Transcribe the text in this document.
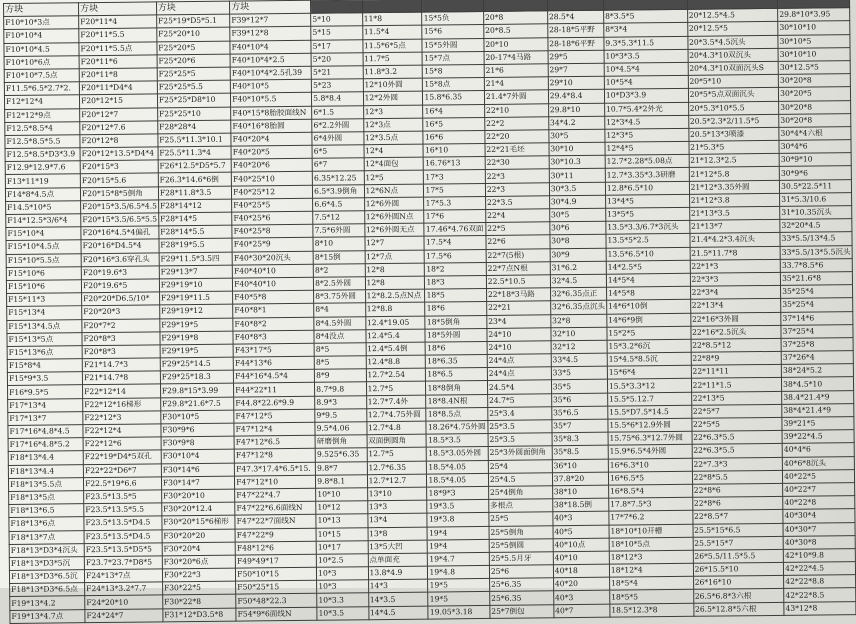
方块	方块	方块	方块								
F10*10*3点	F20*11*4	F25*19*D5*5.1	F39*12*7	5*10	11*8	15*5负	20*8	28.5*4	8*3.5*5	20*12.5*4.5	29.8*10*3.95
F10*10*4	F20*11*5.5	F25*20*10	F39*12*8	5*15	11.5*4	15*6	20*8.5	28-18*5平野	8*3*4	20*12.5*5	30*10*10
F10*10*4.5	F20*11*5.5点	F25*20*5	F40*10*4	5*17	11.5*6*5点	15*5外圆	20*10	28-18*6平野	9.3*5.3*11.5	20*3.5*4.5沉头	30*10*5
F10*10*6点	F20*11*6	F25*20*6	F40*10*4*2.5	5*20	11.7*5	15*7点	20-17*4马路	29*5	10*3*3.5	20*4.3*10双沉头	30*10*10
F10*10*7.5点	F20*11*8	F25*25*5	F40*10*4*2.5孔39	5*21	11.8*3.2	15*8	21*6	29*7	10*4.5*4	20*4.3*10双面沉头S	30*12.5*5
F11.5*6.5*2.7*2.	F20*11*D4*4	F25*25*5.5	F40*10*5	5*23	12*10外圆	15*8点	21*4	29*10	10*5*4	20*5*10	30*20*8
F12*12*4	F20*12*15	F25*25*D8*10	F40*10*5.5	5.8*8.4	12*2外圆	15.8*6.35	21.4*7外圆	29.4*8.4	10*D3*3.9	20*5*5点双面沉头	30*20*5
F12*12*9点	F20*12*7	F25*25*10	F40*15*8胎胶面线N	6*1.5	12*3	16*4	22*10	29.8*10	10.7*5.4*2外光	20*5.3*10*5.5	30*20*8
F12.5*8.5*4	F20*12*7.6	F28*28*4	F40*16*8胎圆	6*2.2外圆	12*3点	16*5	22*2	34*4.2	12*3*4.5	20.5*2.3*2/11.5*5	30*20*8
F12.5*8.5*5.5	F20*12*8	F25.5*11.3*10.1	F40*20*4	6*4外圆	12*3.5点	16*6	22*20	30*5	12*3*5	20.5*13*3喷漆	30*4*4六根
F12.5*8.5*D3*3.9	F20*12*13.5*D4*4	F25.5*11.3*4	F40*20*5	6*5	12*4	16*10	22*21毛坯	30*10	12*4*5	21*5.3*5	30*4*6
F12.9*12.9*7.6	F20*15*3	F26*12.5*D5*5.7	F40*20*6	6*7	12*4面包	16.76*13	22*30	30*10.3	12.7*2.28*5.08点	21*12.3*2.5	30*9*10
F13*11*19	F20*15*5.6	F26.3*14.6*6倒	F40*25*10	6.35*12.25	12*5	17*3	22*3	30*11	12.7*3.35*3.3研磨	21*12*5.8	30*9*6
F14*8*4.5点	F20*15*8*5倒角	F28*11.8*3.5	F40*25*12	6.5*3.9倒角	12*6N点	17*5	22*3	30*3.5	12.8*6.5*10	21*12*3.35外圆	30.5*22.5*11
F14.5*10*5	F20*15*3.5/6.5*4.5	F28*14*12	F40*25*5	6.6*4.5	12*6外圆	17*5.3	22*3.5	30*4.9	13*4*5	21*12*3.8	31*5.3/10.6
F14*12.5*3/6*4	F20*15*3.5/6.5*5.5	F28*14*5	F40*25*6	7.5*12	12*6外圆N点	17*6	22*4	30*5	13*5*5	21*13*3.5	31*10.35沉头
F15*10*4	F20*16*4.5*4偏孔	F28*14*5.5	F40*25*8	7.5*6外圆	12*6外圆无点	17.46*4.76双面	22*5	30*6	13.5*3.3/6.7*3沉头	21*13*7	32*20*4.5
F15*10*4.5点	F20*16*D4.5*4	F28*19*5.5	F40*25*9	8*10	12*7	17.5*4	22*6	30*8	13.5*5*2.5	21.4*4.2*3.4沉头	33*5.5/13*4.5
F15*10*5.5点	F20*16*3.6穿孔头	F29*11.5*3.5四	F40*30*20沉头	8*15倒	12*7点	17.5*6	22*7(5根)	30*9	13.5*6.5*10	21.5*11.7*8	33*5.5/13*5.5沉头
F15*10*6	F20*19.6*3	F29*13*7	F40*40*10	8*2	12*8	18*2	22*7点N根	31*6.2	14*2.5*5	22*1*3	33.7*8.5*6
F15*10*6	F20*19.6*5	F29*19*10	F40*40*10	8*2.5外圆	12*8	18*3	22.5*10.5	32*4.5	14*5*4	22*3*3	35*21.6*8
F15*11*3	F20*20*D6.5/10*	F29*19*11.5	F40*5*8	8*3.75外圆	12*8.2.5点N点	18*5	22*18*3马路	32*6.35点正	14*5*8	22*3*4	35*25*4
F15*13*4	F20*20*3	F29*19*12	F40*8*1	8*4	12*8.8	18*6	22*21	32*6.35点沉头	14*6*10倒	22*13*4	35*25*4
F15*13*4.5点	F20*7*2	F29*19*5	F40*8*2	8*4.5外圆	12.4*19.05	18*5倒角	23*4	32*8	14*6*9倒	22*16*3外圆	37*14*6
F15*13*5点	F20*8*3	F29*19*8	F40*8*3	8*4没点	12.4*5.4	18*5外圆	24*10	32*10	15*2*5	22*16*2.5沉头	37*25*4
F15*13*6点	F20*8*3	F29*19*5	F43*17*5	8*5	12.4*5.4倒	18*6	24*10	32*12	15*3.2*6沉	22*8.5*12	37*25*8
F15*8*4	F21*14.7*3	F29*25*14.5	F44*13*6	8*5	12.4*8.8	18*6.35	24*4点	33*4.5	15*4.5*8.5沉	22*8*9	37*26*4
F15*9*3.5	F21*14.7*8	F29*25*18.3	F44*16*4.5*4	8*9	12.7*2.54	18*6.5	24*4点	33*5	15*6*4	22*11*11	38*24*5.2
F16*9.5*5	F22*12*14	F29.8*15*3.99	F44*22*11	8.7*9.8	12.7*5	18*8倒角	24.5*4	35*5	15.5*3.3*12	22*11*1.5	38*4.5*10
F17*13*4	F22*12*16梯形	F29.8*21.6*7.5	F44.8*22.6*9.9	8.9*3	12.7*7.4外	18*8.4N根	24.7*5	35*6	15.5*5.12.7	22*13*5	38.4*21.4*9
F17*13*7	F22*12*3	F30*10*5	F47*12*5	9*9.5	12.7*4.75外圆	18*8.5点	25*3.4	35*6.5	15.5*D7.5*14.5	22*5*7	38*4*21.4*9
F17*16*4.8*4.5	F22*12*4	F30*9*6	F47*12*4	9.5*4.06	12.7*4.8	18.26*4.75外圆	25*3.5	35*7	15.5*6*12.9外圆	22*5*5	39*21*5
F17*16*4.8*5.2	F22*12*6	F30*9*8	F47*12*6.5	研磨倒角	双面倒圆角	18.5*3.5	25*3.5	35*8.3	15.75*6.3*12.7外圆	22*6.3*5.5	39*22*4.5
F18*13*4.4	F22*19*D4*5双孔	F30*10*4	F47*12*8	9.525*6.35	12.7*5	18.5*3.05外圆	25*3外圆面倒角	35*8.5	15.9*6.5*4外圆	22*6.3*5.5	40*4*6
F18*13*4.4	F22*22*D6*7	F30*14*6	F47.3*17.4*6.5*15.	9.8*7	12.7*6.35	18.5*4.05	25*4	36*10	16*6.3*10	22*7.3*3	40*6*8沉头
F18*13*5.5点	F22.5*19*6.6	F30*14*7	F47*12*10	9.8*8.1	12.7*12.7	18.5*4.05	25*4.5	37.8*20	16*6.5*5	22*8*5.5	40*22*5
F18*13*5点	F23.5*13.5*5	F30*20*10	F47*22*4.7	10*10	13*10	18*9*3	25*4倒角	38*10	16*8.5*4	22*8*6	40*22*7
F18*13*6.5	F23.5*13.5*5.5	F30*20*12.4	F47*22*6.6面线N	10*12	13*3	19*3.5	多根点	38*18.5倒	17.8*7.5*3	22*8*6	40*22*8
F18*13*6点	F23.5*13.5*D4.5	F30*20*15*6梯形	F47*22*7面线N	10*13	13*4	19*3.8	25*5	40*3	17*7*6.2	22*8.5*7	40*30*4
F18*13*7点	F23.5*13.5*D4.5	F30*20*20	F47*22*9	10*15	13*8	19*4	25*5倒角	40*5	18*10*10开槽	25.5*15*6.5	40*30*7
F18*13*D3*4沉头	F23.5*13.5*D5*5	F30*20*4	F48*12*6	10*17	13*5大凹	19*4	25*5倒圆	40*10点	18*10*5点	25.5*15*7	40*30*8
F18*13*D3*5沉	F23.7*23.7*D8*5	F30*20*6点	F49*49*17	10*2.5	点单面充	19*4.7	25*5.5月牙	40*10	18*12*3	26*5.5/11.5*5.5	42*10*9.8
F18*13*D3*6.5沉	F24*13*7点	F30*22*3	F50*10*15	10*3	13.8*4.9	19*4.8	25*6	40*18	18*12*4	26*15.5*10	42*22*4.5
F18*13*D3*6.5点	F24*13*3.2*7.7	F30*22*5	F50*25*15	10*3	14*3	19*5	25*6.35	40*20	18*5*4	26*16*10	42*22*8.8
F19*13*4.2	F24*20*10	F30*22*8	F50*48*22.3	10*3.3	14*3.5	19*5	25*6.35	40*3	18*5*5	26.5*6.8*3六根	42*22*8.5
F19*13*4.7点	F24*24*7	F31*12*D3.5*8	F54*9*6面线N	10*3.5	14*4.5	19.05*3.18	25*7倒包	40*7	18.5*12.3*8	26.5*12.8*5六根	43*12*8
